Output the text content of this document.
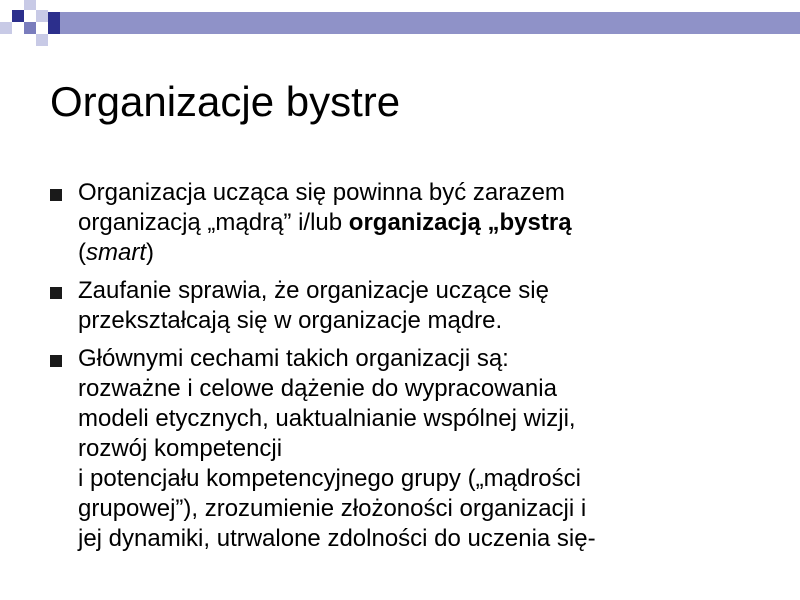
Organizacje bystre
Organizacja ucząca się powinna być zarazem
organizacją „mądrą” i/lub organizacją „bystrą
(smart)
Zaufanie sprawia, że organizacje uczące się
przekształcają się w organizacje mądre.
Głównymi cechami takich organizacji są:
rozważne i celowe dążenie do wypracowania
modeli etycznych, uaktualnianie wspólnej wizji,
rozwój kompetencji
i potencjału kompetencyjnego grupy („mądrości
grupowej”), zrozumienie złożoności organizacji i
jej dynamiki, utrwalone zdolności do uczenia się-
